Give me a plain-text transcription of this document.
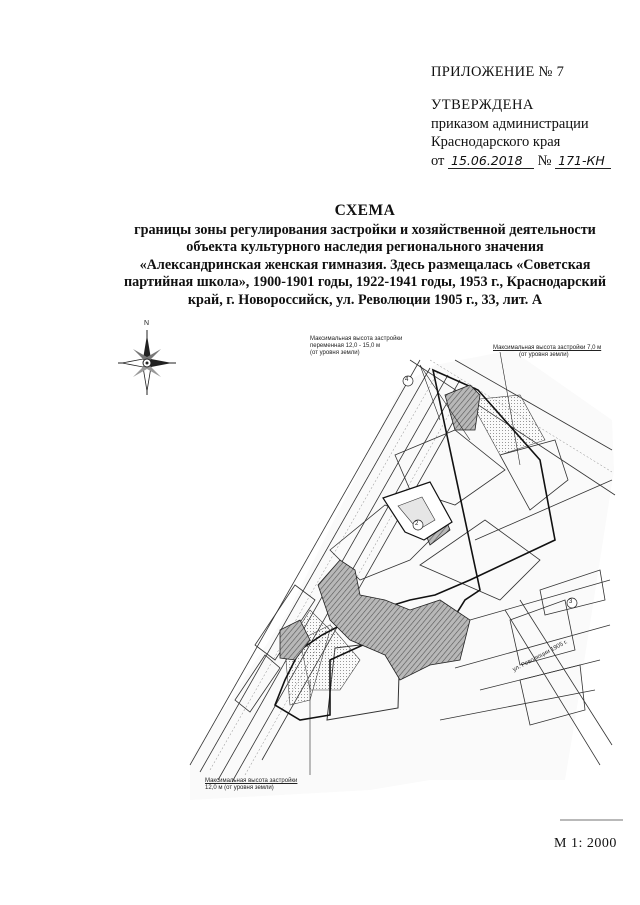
ПРИЛОЖЕНИЕ № 7
УТВЕРЖДЕНА
приказом администрации
Краснодарского края
от 15.06.2018 № 171-КН
СХЕМА
границы зоны регулирования застройки и хозяйственной деятельности
объекта культурного наследия регионального значения
«Александринская женская гимназия. Здесь размещалась «Советская
партийная школа», 1900-1901 годы, 1922-1941 годы, 1953 г., Краснодарский
край, г. Новороссийск, ул. Революции 1905 г., 33, лит. А
Максимальная высота застройки
переменная 12,0 - 15,0 м
(от уровня земли)
Максимальная высота застройки 7,0 м
(от уровня земли)
Максимальная высота застройки
12,0 м (от уровня земли)
ул. Революции 1905 г.
N
4
2
3
М 1: 2000
